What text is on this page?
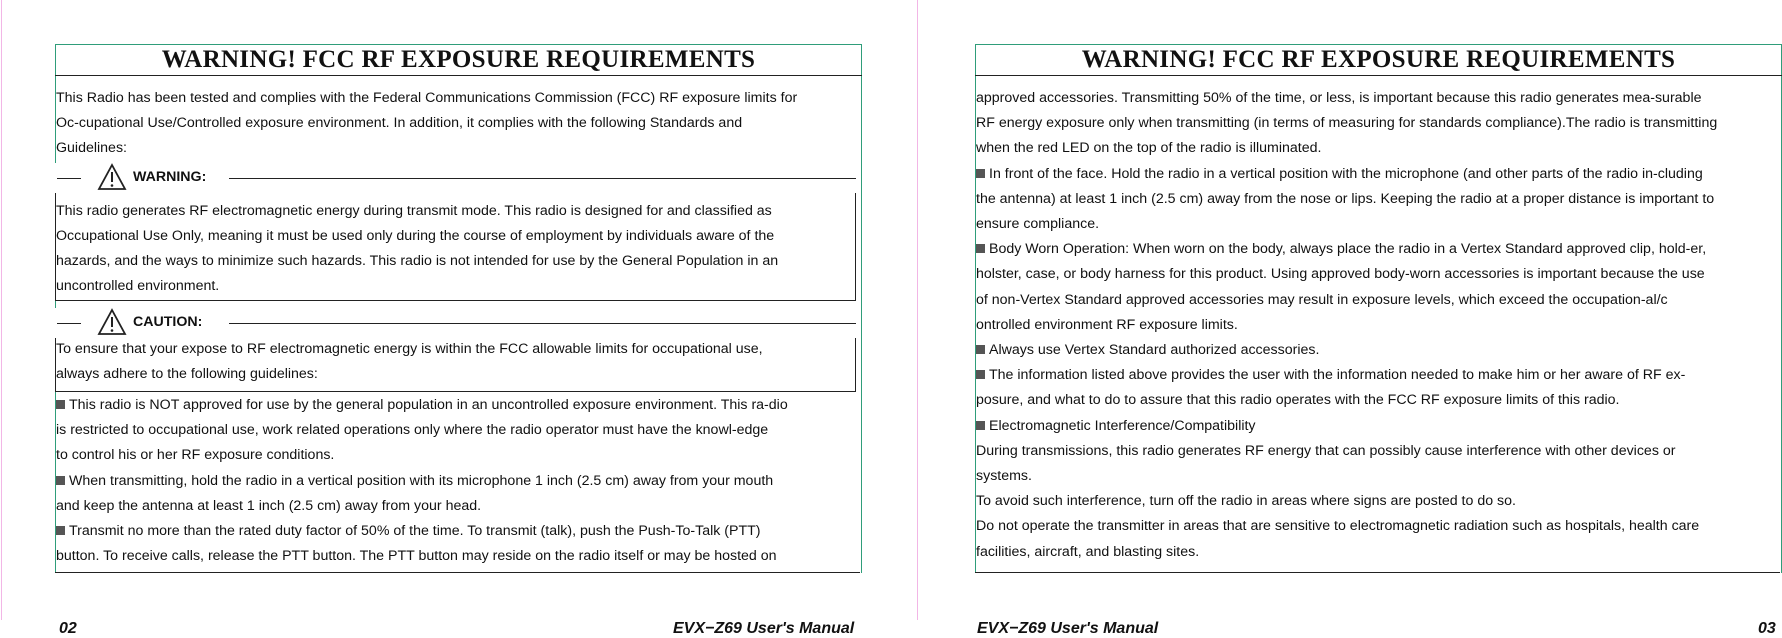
WARNING! FCC RF EXPOSURE REQUIREMENTS
This Radio has been tested and complies with the Federal Communications Commission (FCC) RF exposure limits for
Oc-cupational Use/Controlled exposure environment. In addition, it complies with the following Standards and
Guidelines:
WARNING:
This radio generates RF electromagnetic energy during transmit mode. This radio is designed for and classified as
Occupational Use Only, meaning it must be used only during the course of employment by individuals aware of the
hazards, and the ways to minimize such hazards. This radio is not intended for use by the General Population in an
uncontrolled environment.
CAUTION:
To ensure that your expose to RF electromagnetic energy is within the FCC allowable limits for occupational use,
always adhere to the following guidelines:
This radio is NOT approved for use by the general population in an uncontrolled exposure environment. This ra-dio
is restricted to occupational use, work related operations only where the radio operator must have the knowl-edge
to control his or her RF exposure conditions.
When transmitting, hold the radio in a vertical position with its microphone 1 inch (2.5 cm) away from your mouth
and keep the antenna at least 1 inch (2.5 cm) away from your head.
Transmit no more than the rated duty factor of 50% of the time. To transmit (talk), push the Push-To-Talk (PTT)
button. To receive calls, release the PTT button. The PTT button may reside on the radio itself or may be hosted on
02	EVX−Z69 User's Manual
WARNING! FCC RF EXPOSURE REQUIREMENTS
approved accessories. Transmitting 50% of the time, or less, is important because this radio generates mea-surable
RF energy exposure only when transmitting (in terms of measuring for standards compliance).The radio is transmitting
when the red LED on the top of the radio is illuminated.
In front of the face. Hold the radio in a vertical position with the microphone (and other parts of the radio in-cluding
the antenna) at least 1 inch (2.5 cm) away from the nose or lips. Keeping the radio at a proper distance is important to
ensure compliance.
Body Worn Operation: When worn on the body, always place the radio in a Vertex Standard approved clip, hold-er,
holster, case, or body harness for this product. Using approved body-worn accessories is important because the use
of non-Vertex Standard approved accessories may result in exposure levels, which exceed the occupation-al/c
ontrolled environment RF exposure limits.
Always use Vertex Standard authorized accessories.
The information listed above provides the user with the information needed to make him or her aware of RF ex-
posure, and what to do to assure that this radio operates with the FCC RF exposure limits of this radio.
Electromagnetic Interference/Compatibility
During transmissions, this radio generates RF energy that can possibly cause interference with other devices or
systems.
To avoid such interference, turn off the radio in areas where signs are posted to do so.
Do not operate the transmitter in areas that are sensitive to electromagnetic radiation such as hospitals, health care
facilities, aircraft, and blasting sites.
EVX−Z69 User's Manual	03
